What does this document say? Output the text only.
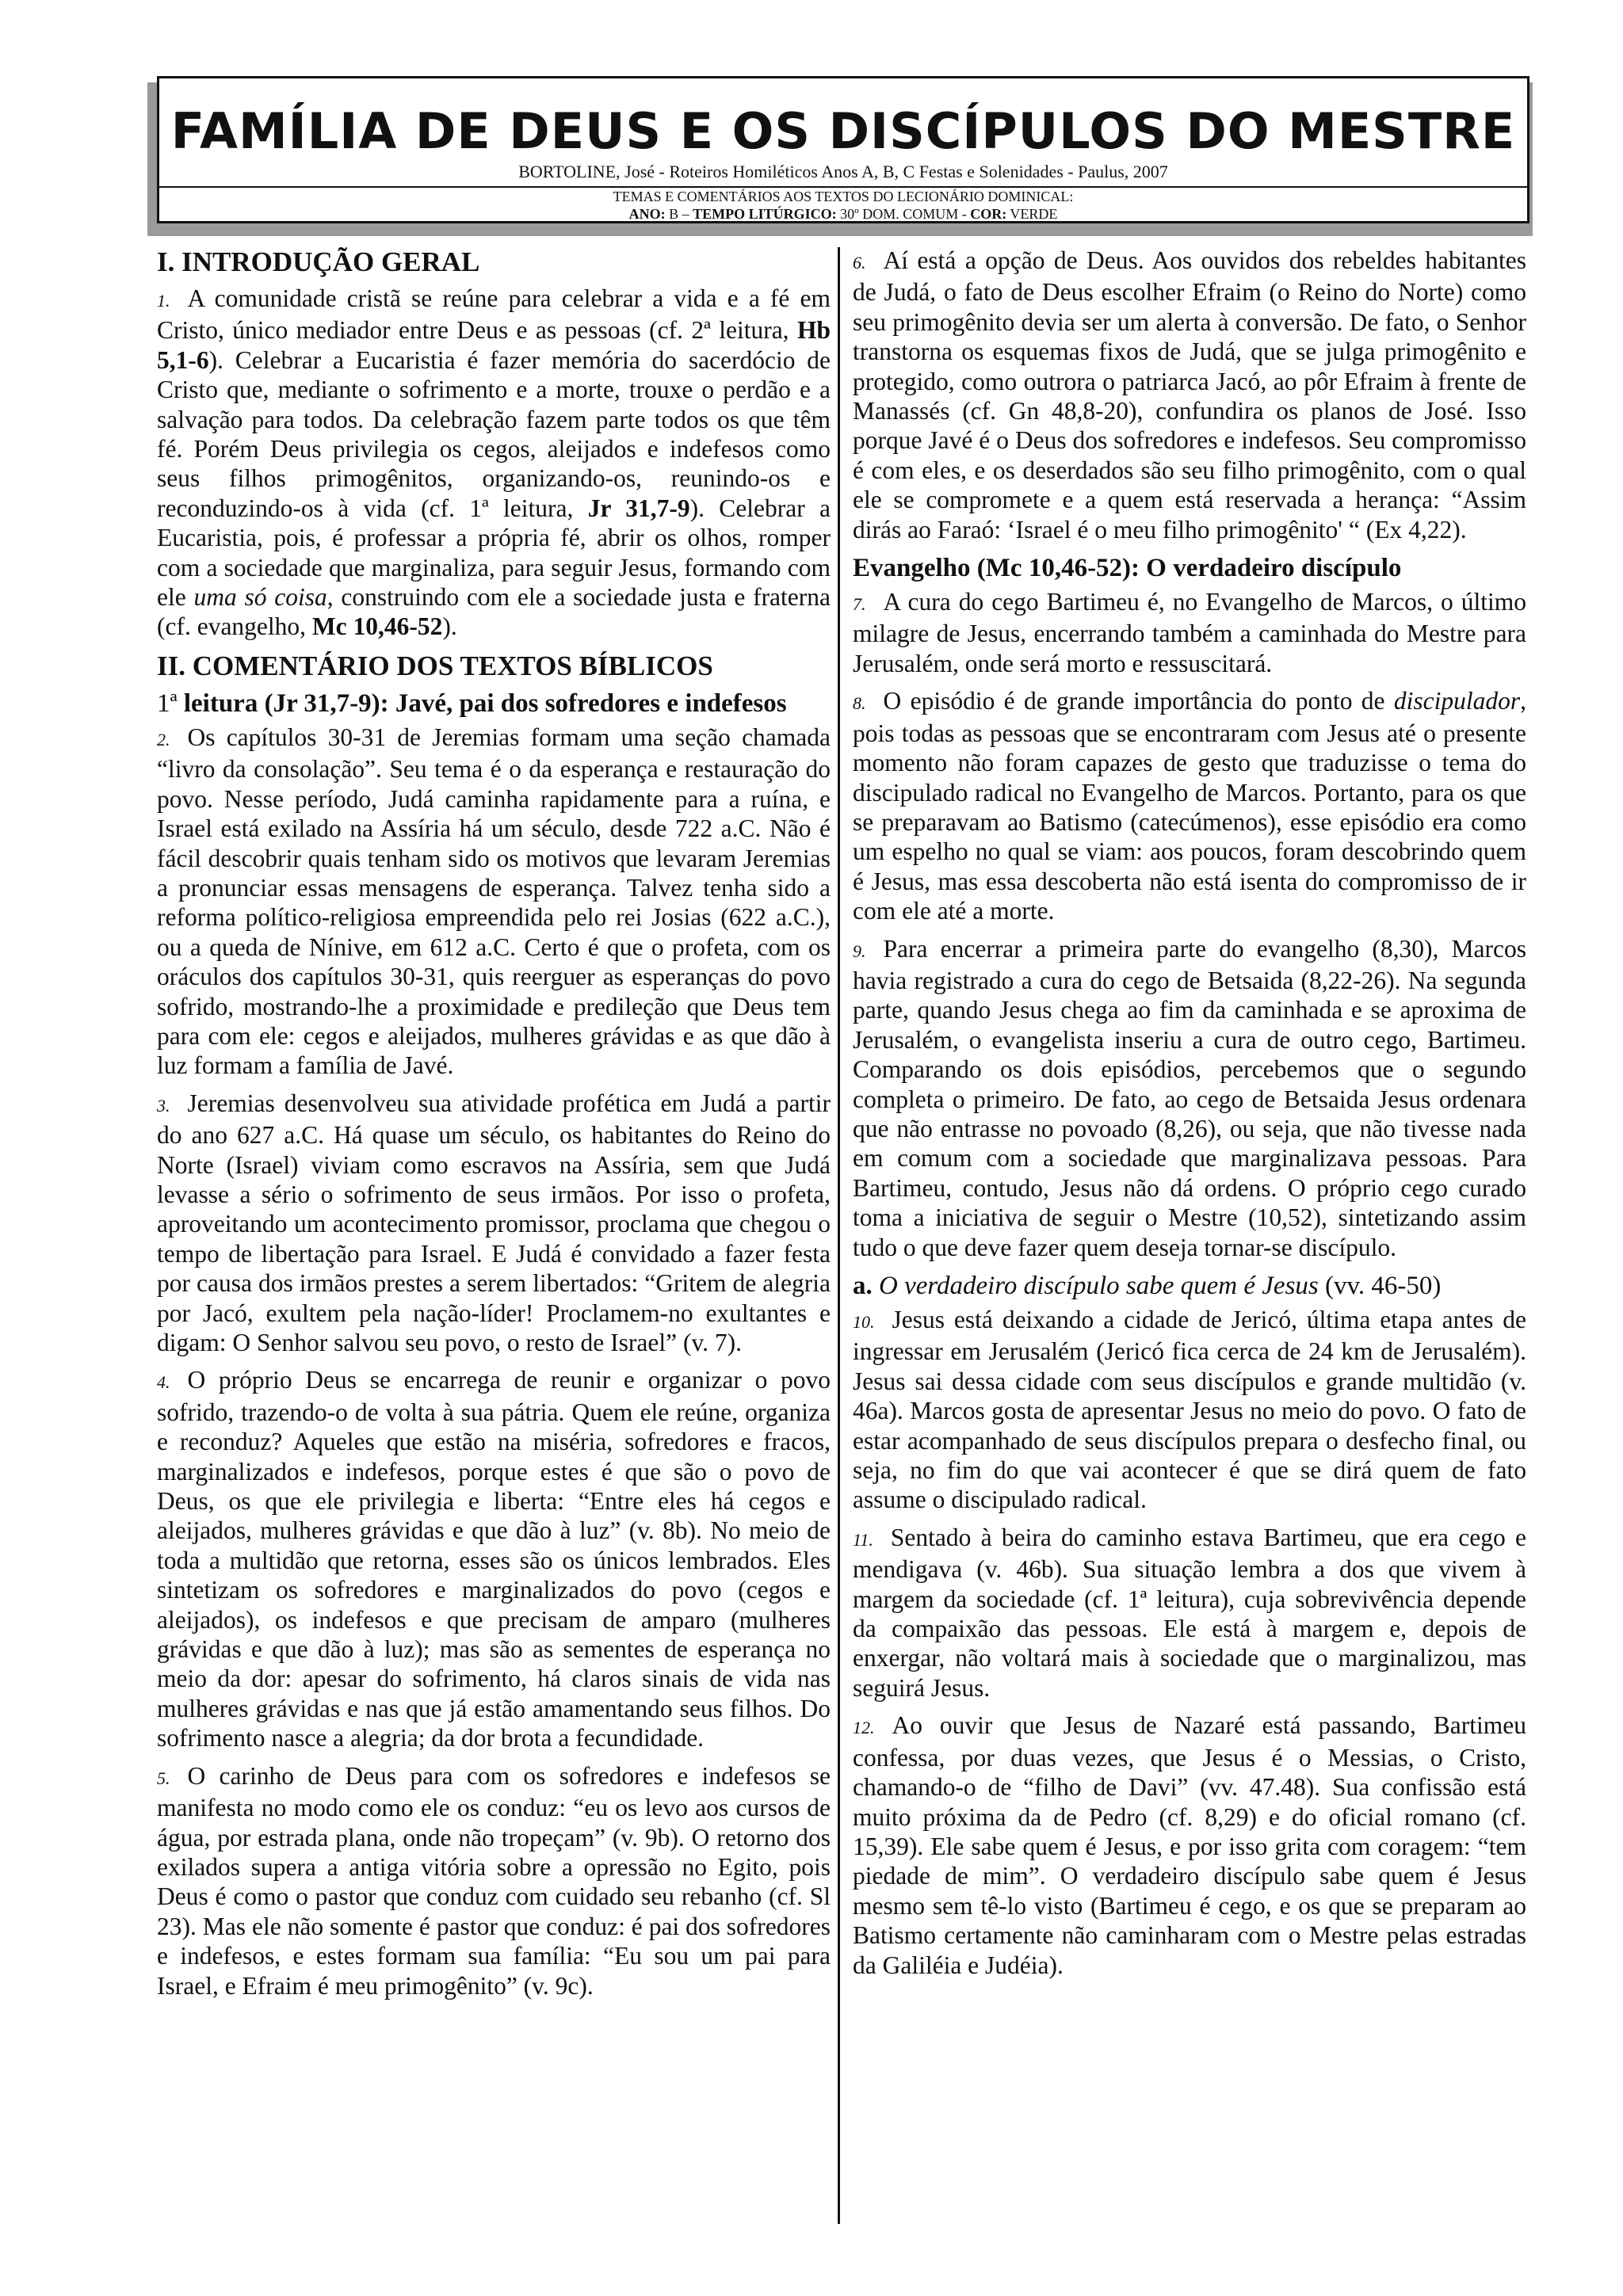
FAMÍLIA DE DEUS E OS DISCÍPULOS DO MESTRE
BORTOLINE, José - Roteiros Homiléticos Anos A, B, C Festas e Solenidades - Paulus, 2007
TEMAS E COMENTÁRIOS AOS TEXTOS DO LECIONÁRIO DOMINICAL:
ANO: B – TEMPO LITÚRGICO: 30º DOM. COMUM - COR: VERDE
I. INTRODUÇÃO GERAL

1. A comunidade cristã se reúne para celebrar a vida e a fé em Cristo, único mediador entre Deus e as pessoas (cf. 2ª leitura, Hb 5,1-6). Celebrar a Eucaristia é fazer memória do sacerdócio de Cristo que, mediante o sofrimento e a morte, trouxe o perdão e a salvação para todos. Da celebração fazem parte todos os que têm fé. Porém Deus privilegia os cegos, aleijados e indefesos como seus filhos primogênitos, organizando-os, reunindo-os e reconduzindo-os à vida (cf. 1ª leitura, Jr 31,7-9). Celebrar a Eucaristia, pois, é professar a própria fé, abrir os olhos, romper com a sociedade que marginaliza, para seguir Jesus, formando com ele uma só coisa, construindo com ele a sociedade justa e fraterna (cf. evangelho, Mc 10,46-52).

II. COMENTÁRIO DOS TEXTOS BÍBLICOS
1ª leitura (Jr 31,7-9): Javé, pai dos sofredores e indefesos

2. Os capítulos 30-31 de Jeremias formam uma seção chamada “livro da consolação”. Seu tema é o da esperança e restauração do povo. Nesse período, Judá caminha rapidamente para a ruína, e Israel está exilado na Assíria há um século, desde 722 a.C. Não é fácil descobrir quais tenham sido os motivos que levaram Jeremias a pronunciar essas mensagens de esperança. Talvez tenha sido a reforma político-religiosa empreendida pelo rei Josias (622 a.C.), ou a queda de Nínive, em 612 a.C. Certo é que o profeta, com os oráculos dos capítulos 30-31, quis reerguer as esperanças do povo sofrido, mostrando-lhe a proximidade e predileção que Deus tem para com ele: cegos e aleijados, mulheres grávidas e as que dão à luz formam a família de Javé.

3. Jeremias desenvolveu sua atividade profética em Judá a partir do ano 627 a.C. Há quase um século, os habitantes do Reino do Norte (Israel) viviam como escravos na Assíria, sem que Judá levasse a sério o sofrimento de seus irmãos. Por isso o profeta, aproveitando um acontecimento promissor, proclama que chegou o tempo de libertação para Israel. E Judá é convidado a fazer festa por causa dos irmãos prestes a serem libertados: “Gritem de alegria por Jacó, exultem pela nação-líder! Proclamem-no exultantes e digam: O Senhor salvou seu povo, o resto de Israel” (v. 7).

4. O próprio Deus se encarrega de reunir e organizar o povo sofrido, trazendo-o de volta à sua pátria. Quem ele reúne, organiza e reconduz? Aqueles que estão na miséria, sofredores e fracos, marginalizados e indefesos, porque estes é que são o povo de Deus, os que ele privilegia e liberta: “Entre eles há cegos e aleijados, mulheres grávidas e que dão à luz” (v. 8b). No meio de toda a multidão que retorna, esses são os únicos lembrados. Eles sintetizam os sofredores e marginalizados do povo (cegos e aleijados), os indefesos e que precisam de amparo (mulheres grávidas e que dão à luz); mas são as sementes de esperança no meio da dor: apesar do sofrimento, há claros sinais de vida nas mulheres grávidas e nas que já estão amamentando seus filhos. Do sofrimento nasce a alegria; da dor brota a fecundidade.

5. O carinho de Deus para com os sofredores e indefesos se manifesta no modo como ele os conduz: “eu os levo aos cursos de água, por estrada plana, onde não tropeçam” (v. 9b). O retorno dos exilados supera a antiga vitória sobre a opressão no Egito, pois Deus é como o pastor que conduz com cuidado seu rebanho (cf. Sl 23). Mas ele não somente é pastor que conduz: é pai dos sofredores e indefesos, e estes formam sua família: “Eu sou um pai para Israel, e Efraim é meu primogênito” (v. 9c).

6. Aí está a opção de Deus. Aos ouvidos dos rebeldes habitantes de Judá, o fato de Deus escolher Efraim (o Reino do Norte) como seu primogênito devia ser um alerta à conversão. De fato, o Senhor transtorna os esquemas fixos de Judá, que se julga primogênito e protegido, como outrora o patriarca Jacó, ao pôr Efraim à frente de Manassés (cf. Gn 48,8-20), confundira os planos de José. Isso porque Javé é o Deus dos sofredores e indefesos. Seu compromisso é com eles, e os deserdados são seu filho primogênito, com o qual ele se compromete e a quem está reservada a herança: “Assim dirás ao Faraó: ‘Israel é o meu filho primogênito' “ (Ex 4,22).

Evangelho (Mc 10,46-52): O verdadeiro discípulo

7. A cura do cego Bartimeu é, no Evangelho de Marcos, o último milagre de Jesus, encerrando também a caminhada do Mestre para Jerusalém, onde será morto e ressuscitará.

8. O episódio é de grande importância do ponto de discipulador, pois todas as pessoas que se encontraram com Jesus até o presente momento não foram capazes de gesto que traduzisse o tema do discipulado radical no Evangelho de Marcos. Portanto, para os que se preparavam ao Batismo (catecúmenos), esse episódio era como um espelho no qual se viam: aos poucos, foram descobrindo quem é Jesus, mas essa descoberta não está isenta do compromisso de ir com ele até a morte.

9. Para encerrar a primeira parte do evangelho (8,30), Marcos havia registrado a cura do cego de Betsaida (8,22-26). Na segunda parte, quando Jesus chega ao fim da caminhada e se aproxima de Jerusalém, o evangelista inseriu a cura de outro cego, Bartimeu. Comparando os dois episódios, percebemos que o segundo completa o primeiro. De fato, ao cego de Betsaida Jesus ordenara que não entrasse no povoado (8,26), ou seja, que não tivesse nada em comum com a sociedade que marginalizava pessoas. Para Bartimeu, contudo, Jesus não dá ordens. O próprio cego curado toma a iniciativa de seguir o Mestre (10,52), sintetizando assim tudo o que deve fazer quem deseja tornar-se discípulo.

a. O verdadeiro discípulo sabe quem é Jesus (vv. 46-50)

10. Jesus está deixando a cidade de Jericó, última etapa antes de ingressar em Jerusalém (Jericó fica cerca de 24 km de Jerusalém). Jesus sai dessa cidade com seus discípulos e grande multidão (v. 46a). Marcos gosta de apresentar Jesus no meio do povo. O fato de estar acompanhado de seus discípulos prepara o desfecho final, ou seja, no fim do que vai acontecer é que se dirá quem de fato assume o discipulado radical.

11. Sentado à beira do caminho estava Bartimeu, que era cego e mendigava (v. 46b). Sua situação lembra a dos que vivem à margem da sociedade (cf. 1ª leitura), cuja sobrevivência depende da compaixão das pessoas. Ele está à margem e, depois de enxergar, não voltará mais à sociedade que o marginalizou, mas seguirá Jesus.

12. Ao ouvir que Jesus de Nazaré está passando, Bartimeu confessa, por duas vezes, que Jesus é o Messias, o Cristo, chamando-o de “filho de Davi” (vv. 47.48). Sua confissão está muito próxima da de Pedro (cf. 8,29) e do oficial romano (cf. 15,39). Ele sabe quem é Jesus, e por isso grita com coragem: “tem piedade de mim”. O verdadeiro discípulo sabe quem é Jesus mesmo sem tê-lo visto (Bartimeu é cego, e os que se preparam ao Batismo certamente não caminharam com o Mestre pelas estradas da Galiléia e Judéia).
